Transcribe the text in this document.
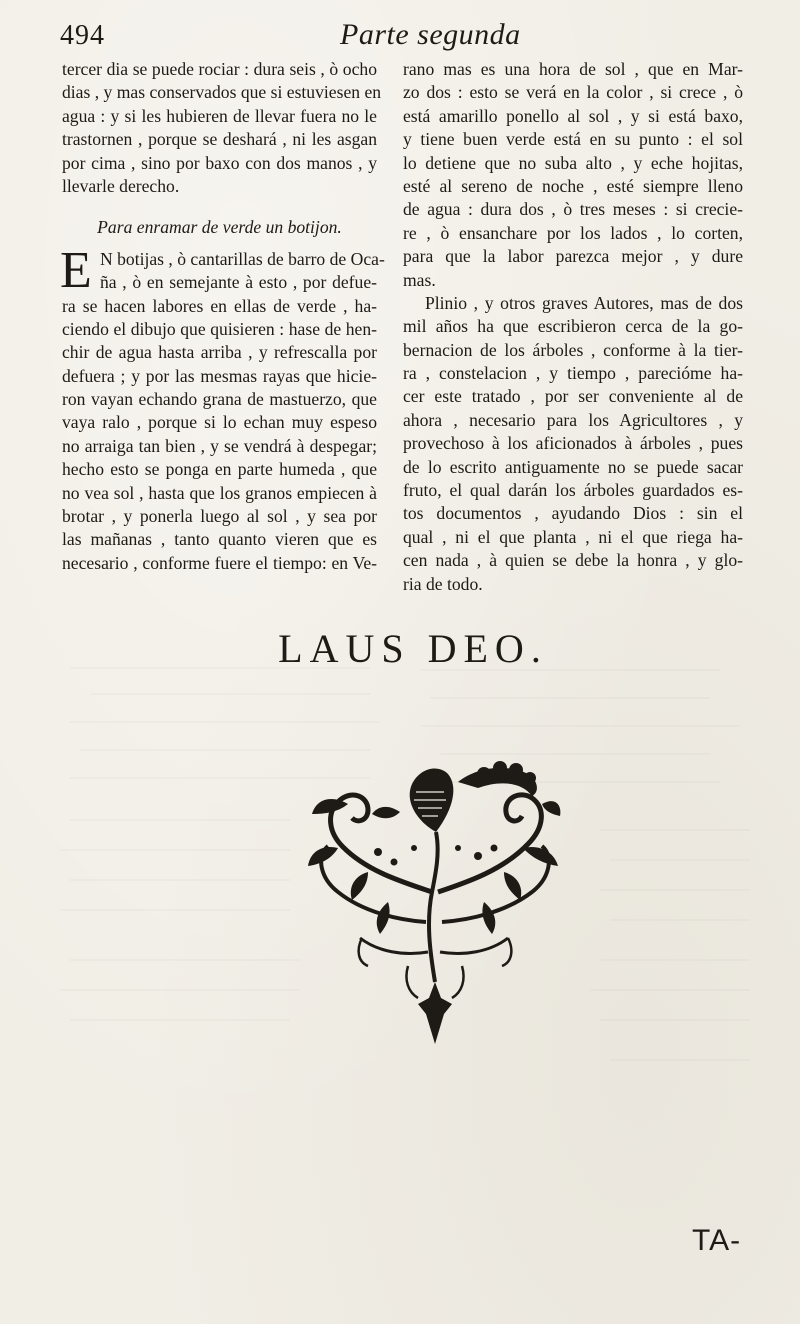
494	Parte segunda
tercer dia se puede rociar : dura seis , ò ocho
dias , y mas conservados que si estuviesen en
agua : y si les hubieren de llevar fuera no le
trastornen , porque se deshará , ni les asgan
por cima , sino por baxo con dos manos , y
llevarle derecho.
Para enramar de verde un botijon.
E N botijas , ò cantarillas de barro de Oca-
ña , ò en semejante à esto , por defue-
ra se hacen labores en ellas de verde , ha-
ciendo el dibujo que quisieren : hase de hen-
chir de agua hasta arriba , y refrescalla por
defuera ; y por las mesmas rayas que hicie-
ron vayan echando grana de mastuerzo, que
vaya ralo , porque si lo echan muy espeso
no arraiga tan bien , y se vendrá à despegar;
hecho esto se ponga en parte humeda , que
no vea sol , hasta que los granos empiecen à
brotar , y ponerla luego al sol , y sea por
las mañanas , tanto quanto vieren que es
necesario , conforme fuere el tiempo: en Ve-
rano mas es una hora de sol , que en Mar-
zo dos : esto se verá en la color , si crece , ò
está amarillo ponello al sol , y si está baxo,
y tiene buen verde está en su punto : el sol
lo detiene que no suba alto , y eche hojitas,
esté al sereno de noche , esté siempre lleno
de agua : dura dos , ò tres meses : si crecie-
re , ò ensanchare por los lados , lo corten,
para que la labor parezca mejor , y dure
mas.
Plinio , y otros graves Autores, mas de dos
mil años ha que escribieron cerca de la go-
bernacion de los árboles , conforme à la tier-
ra , constelacion , y tiempo , parecióme ha-
cer este tratado , por ser conveniente al de
ahora , necesario para los Agricultores , y
provechoso à los aficionados à árboles , pues
de lo escrito antiguamente no se puede sacar
fruto, el qual darán los árboles guardados es-
tos documentos , ayudando Dios : sin el
qual , ni el que planta , ni el que riega ha-
cen nada , à quien se debe la honra , y glo-
ria de todo.
LAUS DEO.
TA-
